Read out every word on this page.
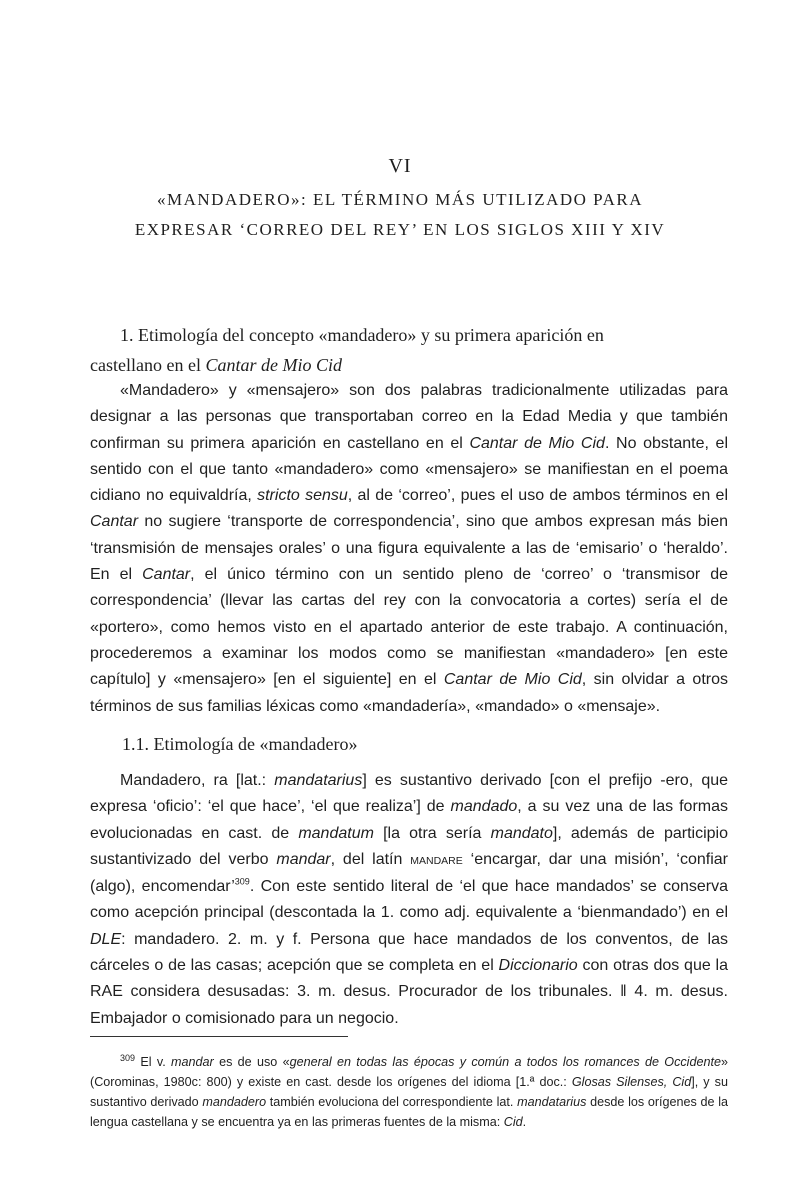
VI
«MANDADERO»: EL TÉRMINO MÁS UTILIZADO PARA
EXPRESAR ‘CORREO DEL REY’ EN LOS SIGLOS XIII Y XIV
1. Etimología del concepto «mandadero» y su primera aparición en
castellano en el Cantar de Mio Cid

«Mandadero» y «mensajero» son dos palabras tradicionalmente utilizadas para designar a las personas que transportaban correo en la Edad Media y que también confirman su primera aparición en castellano en el Cantar de Mio Cid. No obstante, el sentido con el que tanto «mandadero» como «mensajero» se manifiestan en el poema cidiano no equivaldría, stricto sensu, al de ‘correo’, pues el uso de ambos términos en el Cantar no sugiere ‘transporte de correspondencia’, sino que ambos expresan más bien ‘transmisión de mensajes orales’ o una figura equivalente a las de ‘emisario’ o ‘heraldo’. En el Cantar, el único término con un sentido pleno de ‘correo’ o ‘transmisor de correspondencia’ (llevar las cartas del rey con la convocatoria a cortes) sería el de «portero», como hemos visto en el apartado anterior de este trabajo. A continuación, procederemos a examinar los modos como se manifiestan «mandadero» [en este capítulo] y «mensajero» [en el siguiente] en el Cantar de Mio Cid, sin olvidar a otros términos de sus familias léxicas como «mandadería», «mandado» o «mensaje».

1.1. Etimología de «mandadero»

Mandadero, ra [lat.: mandatarius] es sustantivo derivado [con el prefijo -ero, que expresa ‘oficio’: ‘el que hace’, ‘el que realiza’] de mandado, a su vez una de las formas evolucionadas en cast. de mandatum [la otra sería mandato], además de participio sustantivizado del verbo mandar, del latín MANDARE ‘encargar, dar una misión’, ‘confiar (algo), encomendar’$^{309}$. Con este sentido literal de ‘el que hace mandados’ se conserva como acepción principal (descontada la 1. como adj. equivalente a ‘bienmandado’) en el DLE: mandadero. 2. m. y f. Persona que hace mandados de los conventos, de las cárceles o de las casas; acepción que se completa en el Diccionario con otras dos que la RAE considera desusadas: 3. m. desus. Procurador de los tribunales. ‖ 4. m. desus. Embajador o comisionado para un negocio.

$^{309}$ El v. mandar es de uso «general en todas las épocas y común a todos los romances de Occidente» (Corominas, 1980c: 800) y existe en cast. desde los orígenes del idioma [1.ª doc.: Glosas Silenses, Cid], y su sustantivo derivado mandadero también evoluciona del correspondiente lat. mandatarius desde los orígenes de la lengua castellana y se encuentra ya en las primeras fuentes de la misma: Cid.
